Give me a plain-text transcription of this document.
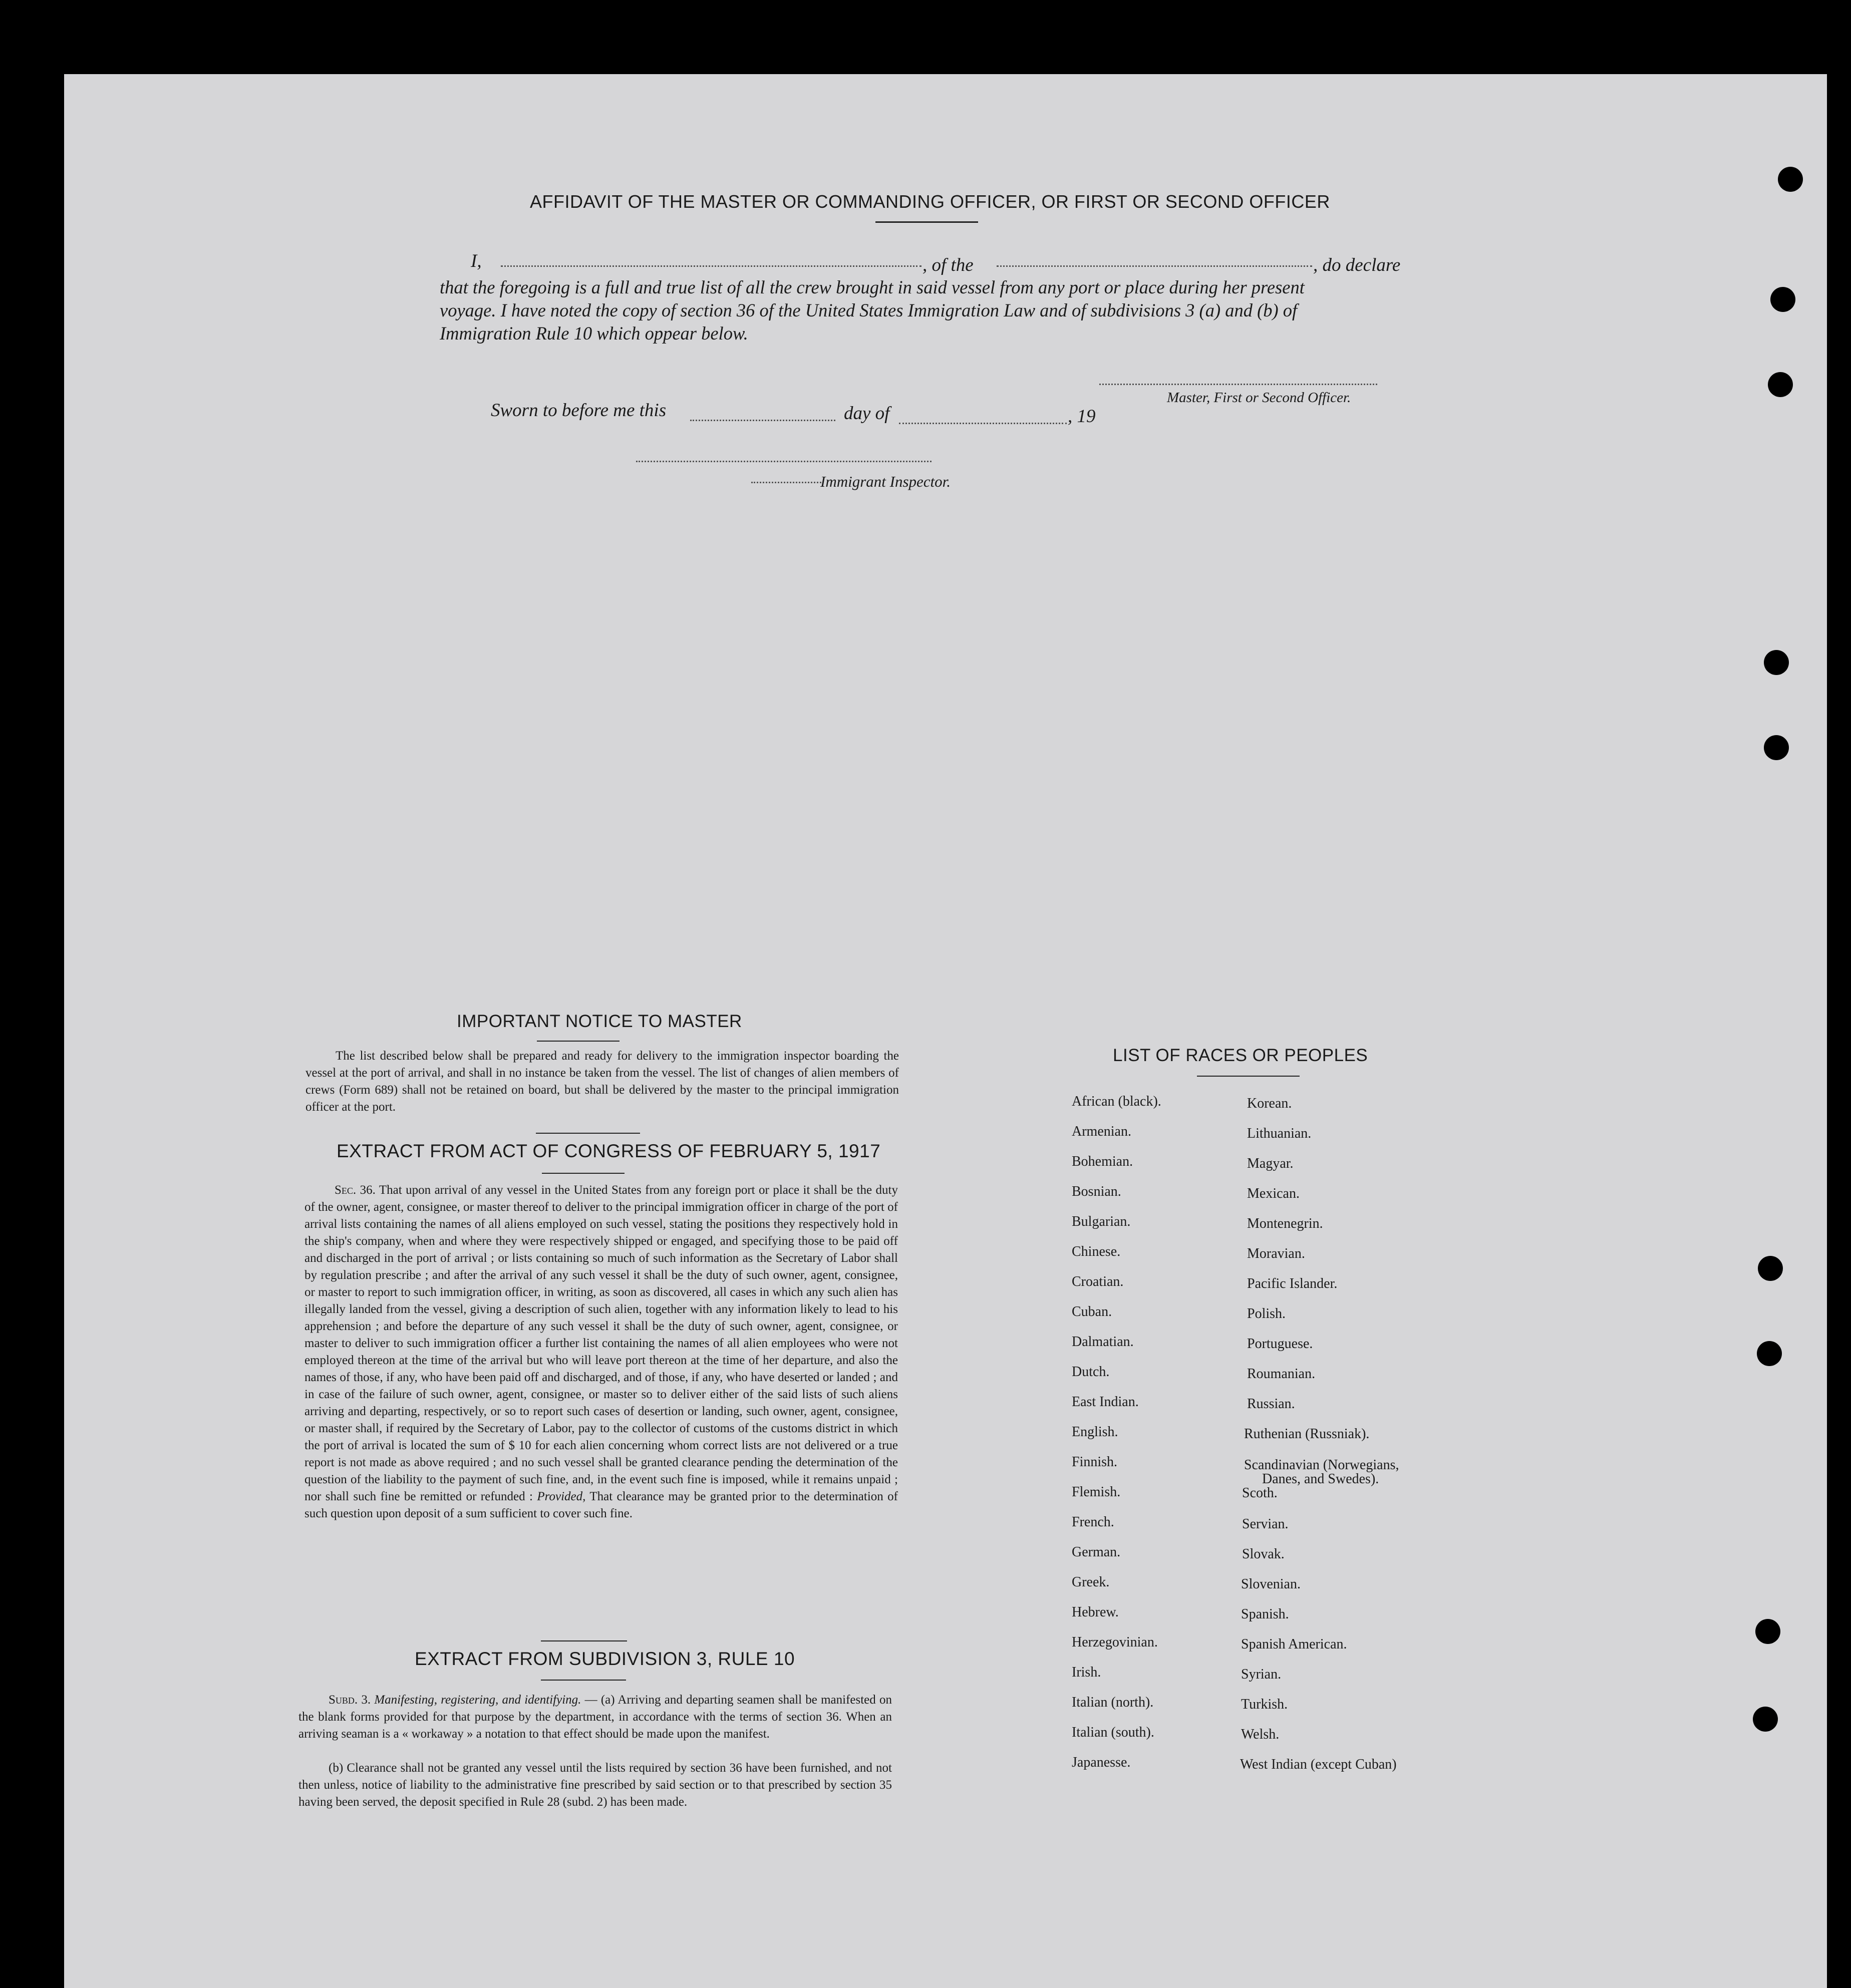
AFFIDAVIT OF THE MASTER OR COMMANDING OFFICER, OR FIRST OR SECOND OFFICER
I,	, of the	, do declare
that the foregoing is a full and true list of all the crew brought in said vessel from any port or place during her present
voyage. I have noted the copy of section 36 of the United States Immigration Law and of subdivisions 3 (a) and (b) of
Immigration Rule 10 which oppear below.
Master, First or Second Officer.
Sworn to before me this	day of	, 19
Immigrant Inspector.
IMPORTANT NOTICE TO MASTER
The list described below shall be prepared and ready for delivery to the immigration inspector boarding the vessel at the port of arrival, and shall in no instance be taken from the vessel. The list of changes of alien members of crews (Form 689) shall not be retained on board, but shall be delivered by the master to the principal immigration officer at the port.
EXTRACT FROM ACT OF CONGRESS OF FEBRUARY 5, 1917
Sec. 36. That upon arrival of any vessel in the United States from any foreign port or place it shall be the duty of the owner, agent, consignee, or master thereof to deliver to the principal immigration officer in charge of the port of arrival lists containing the names of all aliens employed on such vessel, stating the positions they respectively hold in the ship's company, when and where they were respectively shipped or engaged, and specifying those to be paid off and discharged in the port of arrival ; or lists containing so much of such information as the Secretary of Labor shall by regulation prescribe ; and after the arrival of any such vessel it shall be the duty of such owner, agent, consignee, or master to report to such immigration officer, in writing, as soon as discovered, all cases in which any such alien has illegally landed from the vessel, giving a description of such alien, together with any information likely to lead to his apprehension ; and before the departure of any such vessel it shall be the duty of such owner, agent, consignee, or master to deliver to such immigration officer a further list containing the names of all alien employees who were not employed thereon at the time of the arrival but who will leave port thereon at the time of her departure, and also the names of those, if any, who have been paid off and discharged, and of those, if any, who have deserted or landed ; and in case of the failure of such owner, agent, consignee, or master so to deliver either of the said lists of such aliens arriving and departing, respectively, or so to report such cases of desertion or landing, such owner, agent, consignee, or master shall, if required by the Secretary of Labor, pay to the collector of customs of the customs district in which the port of arrival is located the sum of $ 10 for each alien concerning whom correct lists are not delivered or a true report is not made as above required ; and no such vessel shall be granted clearance pending the determination of the question of the liability to the payment of such fine, and, in the event such fine is imposed, while it remains unpaid ; nor shall such fine be remitted or refunded : Provided, That clearance may be granted prior to the determination of such question upon deposit of a sum sufficient to cover such fine.
EXTRACT FROM SUBDIVISION 3, RULE 10
Subd. 3. Manifesting, registering, and identifying. — (a) Arriving and departing seamen shall be manifested on the blank forms provided for that purpose by the department, in accordance with the terms of section 36. When an arriving seaman is a « workaway » a notation to that effect should be made upon the manifest.
(b) Clearance shall not be granted any vessel until the lists required by section 36 have been furnished, and not then unless, notice of liability to the administrative fine prescribed by said section or to that prescribed by section 35 having been served, the deposit specified in Rule 28 (subd. 2) has been made.
LIST OF RACES OR PEOPLES
African (black).
Armenian.
Bohemian.
Bosnian.
Bulgarian.
Chinese.
Croatian.
Cuban.
Dalmatian.
Dutch.
East Indian.
English.
Finnish.
Flemish.
French.
German.
Greek.
Hebrew.
Herzegovinian.
Irish.
Italian (north).
Italian (south).
Japanesse.
Korean.
Lithuanian.
Magyar.
Mexican.
Montenegrin.
Moravian.
Pacific Islander.
Polish.
Portuguese.
Roumanian.
Russian.
Ruthenian (Russniak).
Scandinavian (Norwegians,
Danes, and Swedes).
Scoth.
Servian.
Slovak.
Slovenian.
Spanish.
Spanish American.
Syrian.
Turkish.
Welsh.
West Indian (except Cuban)
